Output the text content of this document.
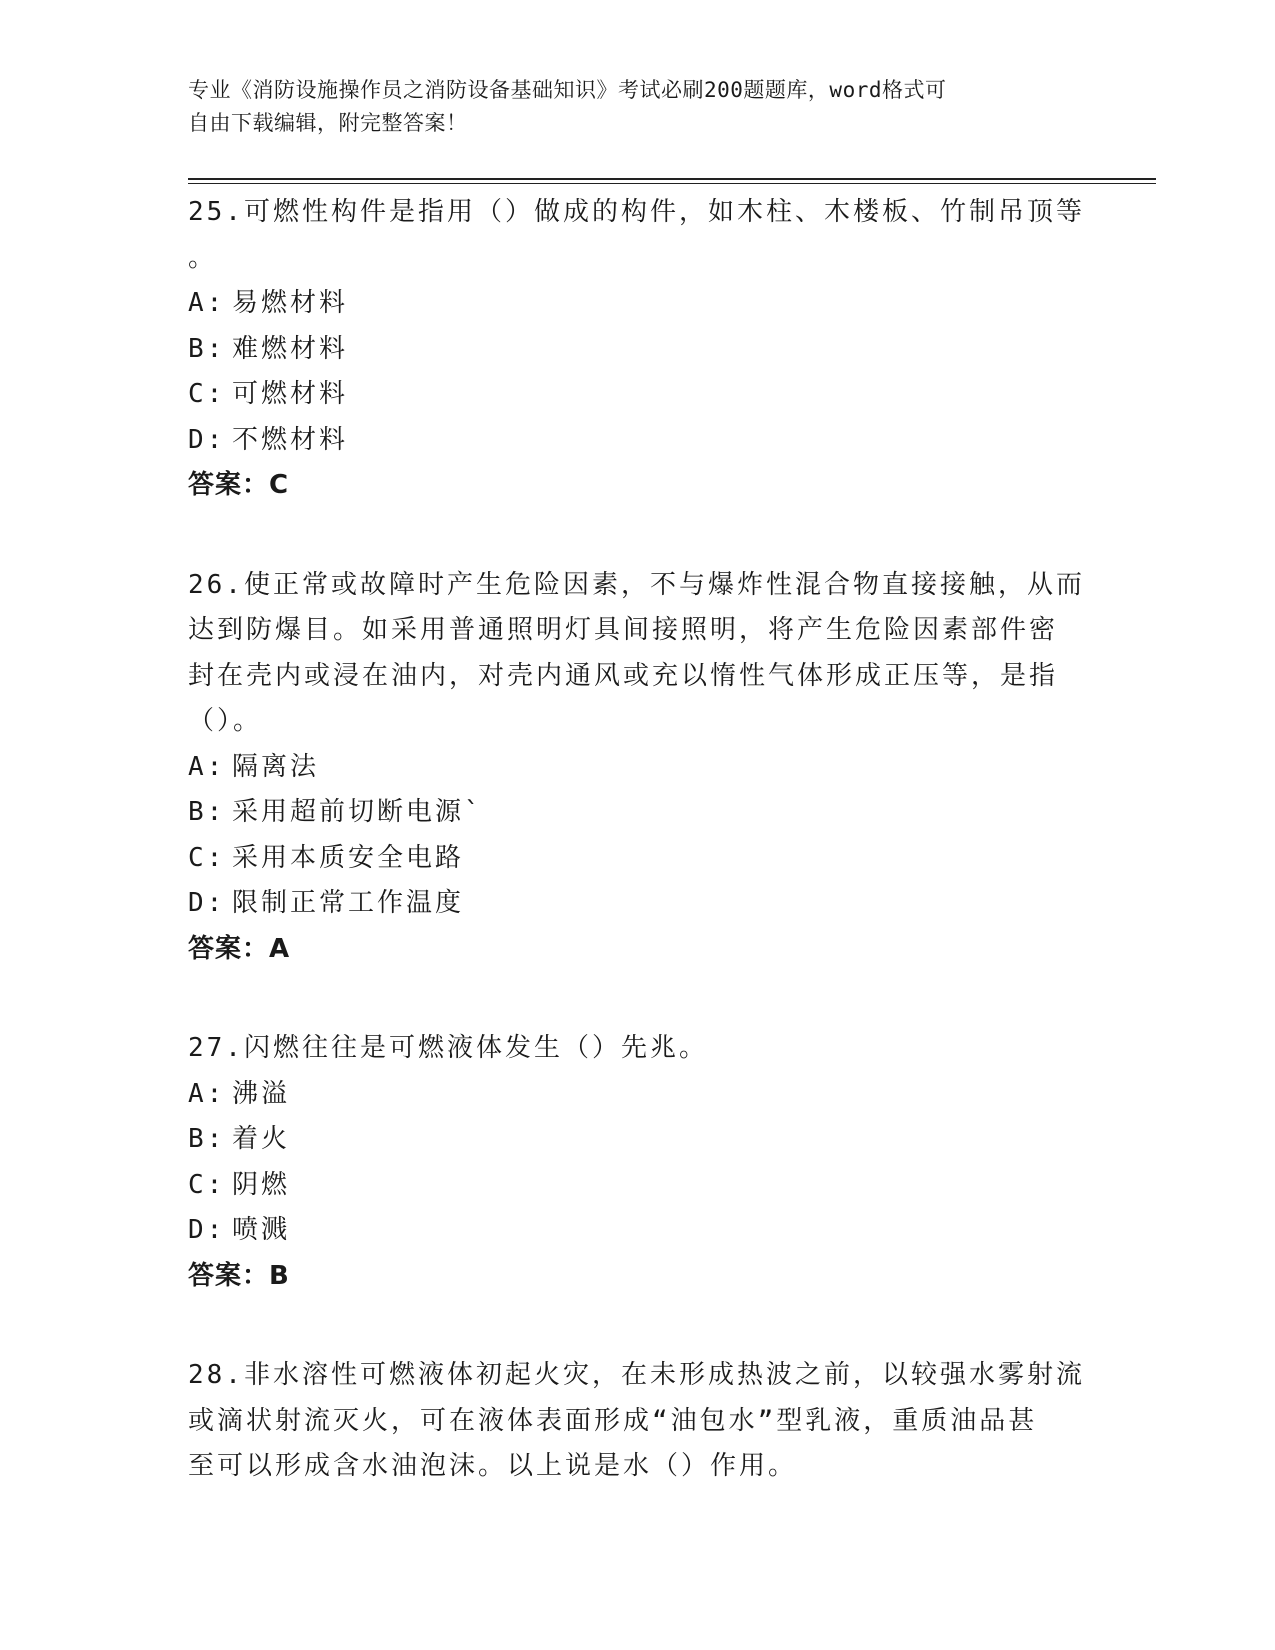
专业《消防设施操作员之消防设备基础知识》考试必刷200题题库，word格式可
自由下载编辑，附完整答案！
25.可燃性构件是指用（）做成的构件，如木柱、木楼板、竹制吊顶等
。
A: 易燃材料
B: 难燃材料
C: 可燃材料
D: 不燃材料
答案：C
26.使正常或故障时产生危险因素，不与爆炸性混合物直接接触，从而
达到防爆目。如采用普通照明灯具间接照明，将产生危险因素部件密
封在壳内或浸在油内，对壳内通风或充以惰性气体形成正压等，是指
（）。
A: 隔离法
B: 采用超前切断电源`
C: 采用本质安全电路
D: 限制正常工作温度
答案：A
27.闪燃往往是可燃液体发生（）先兆。
A: 沸溢
B: 着火
C: 阴燃
D: 喷溅
答案：B
28.非水溶性可燃液体初起火灾，在未形成热波之前，以较强水雾射流
或滴状射流灭火，可在液体表面形成“油包水”型乳液，重质油品甚
至可以形成含水油泡沫。以上说是水（）作用。
